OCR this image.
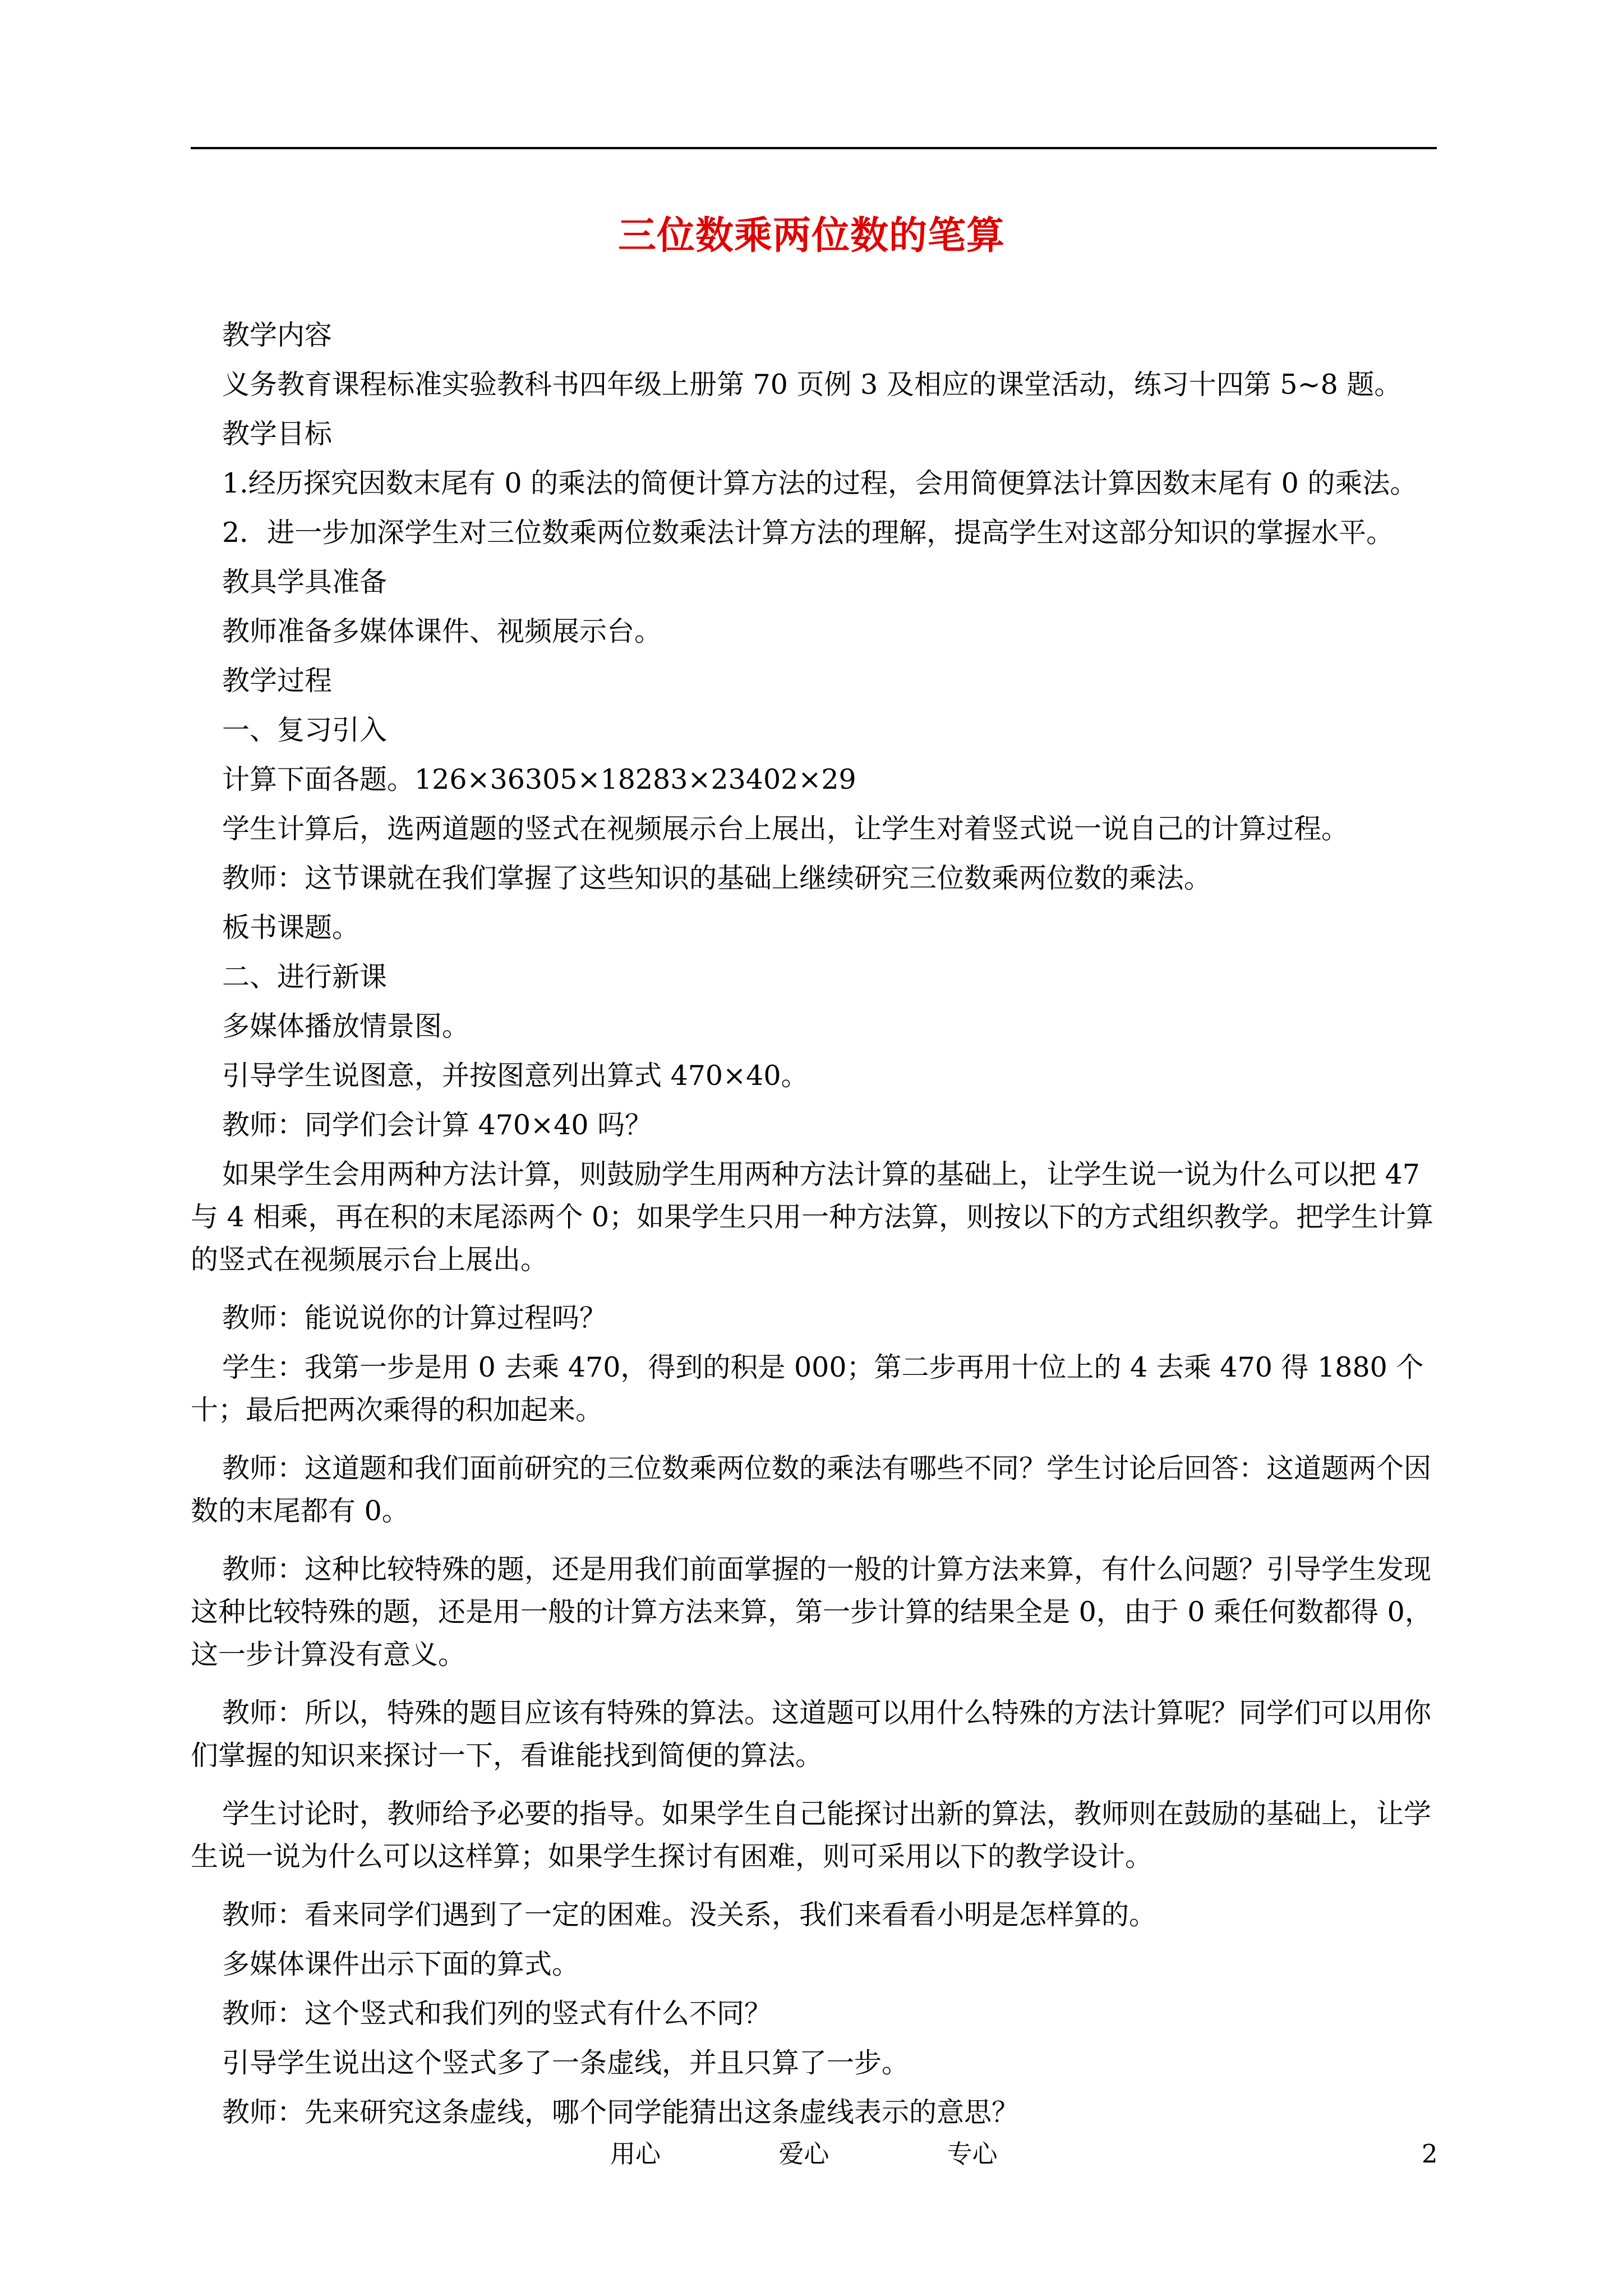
三位数乘两位数的笔算

教学内容

义务教育课程标准实验教科书四年级上册第 70 页例 3 及相应的课堂活动，练习十四第 5~8 题。

教学目标

1.经历探究因数末尾有 0 的乘法的简便计算方法的过程，会用简便算法计算因数末尾有 0 的乘法。

2．进一步加深学生对三位数乘两位数乘法计算方法的理解，提高学生对这部分知识的掌握水平。

教具学具准备

教师准备多媒体课件、视频展示台。

教学过程

一、复习引入

计算下面各题。126×36305×18283×23402×29

学生计算后，选两道题的竖式在视频展示台上展出，让学生对着竖式说一说自己的计算过程。

教师：这节课就在我们掌握了这些知识的基础上继续研究三位数乘两位数的乘法。

板书课题。

二、进行新课

多媒体播放情景图。

引导学生说图意，并按图意列出算式 470×40。

教师：同学们会计算 470×40 吗？

如果学生会用两种方法计算，则鼓励学生用两种方法计算的基础上，让学生说一说为什么可以把 47 与 4 相乘，再在积的末尾添两个 0；如果学生只用一种方法算，则按以下的方式组织教学。把学生计算的竖式在视频展示台上展出。

教师：能说说你的计算过程吗？

学生：我第一步是用 0 去乘 470，得到的积是 000；第二步再用十位上的 4 去乘 470 得 1880 个十；最后把两次乘得的积加起来。

教师：这道题和我们面前研究的三位数乘两位数的乘法有哪些不同？学生讨论后回答：这道题两个因数的末尾都有 0。

教师：这种比较特殊的题，还是用我们前面掌握的一般的计算方法来算，有什么问题？引导学生发现这种比较特殊的题，还是用一般的计算方法来算，第一步计算的结果全是 0，由于 0 乘任何数都得 0，这一步计算没有意义。

教师：所以，特殊的题目应该有特殊的算法。这道题可以用什么特殊的方法计算呢？同学们可以用你们掌握的知识来探讨一下，看谁能找到简便的算法。

学生讨论时，教师给予必要的指导。如果学生自己能探讨出新的算法，教师则在鼓励的基础上，让学生说一说为什么可以这样算；如果学生探讨有困难，则可采用以下的教学设计。

教师：看来同学们遇到了一定的困难。没关系，我们来看看小明是怎样算的。

多媒体课件出示下面的算式。

教师：这个竖式和我们列的竖式有什么不同？

引导学生说出这个竖式多了一条虚线，并且只算了一步。

教师：先来研究这条虚线，哪个同学能猜出这条虚线表示的意思？

用心	爱心	专心	2
